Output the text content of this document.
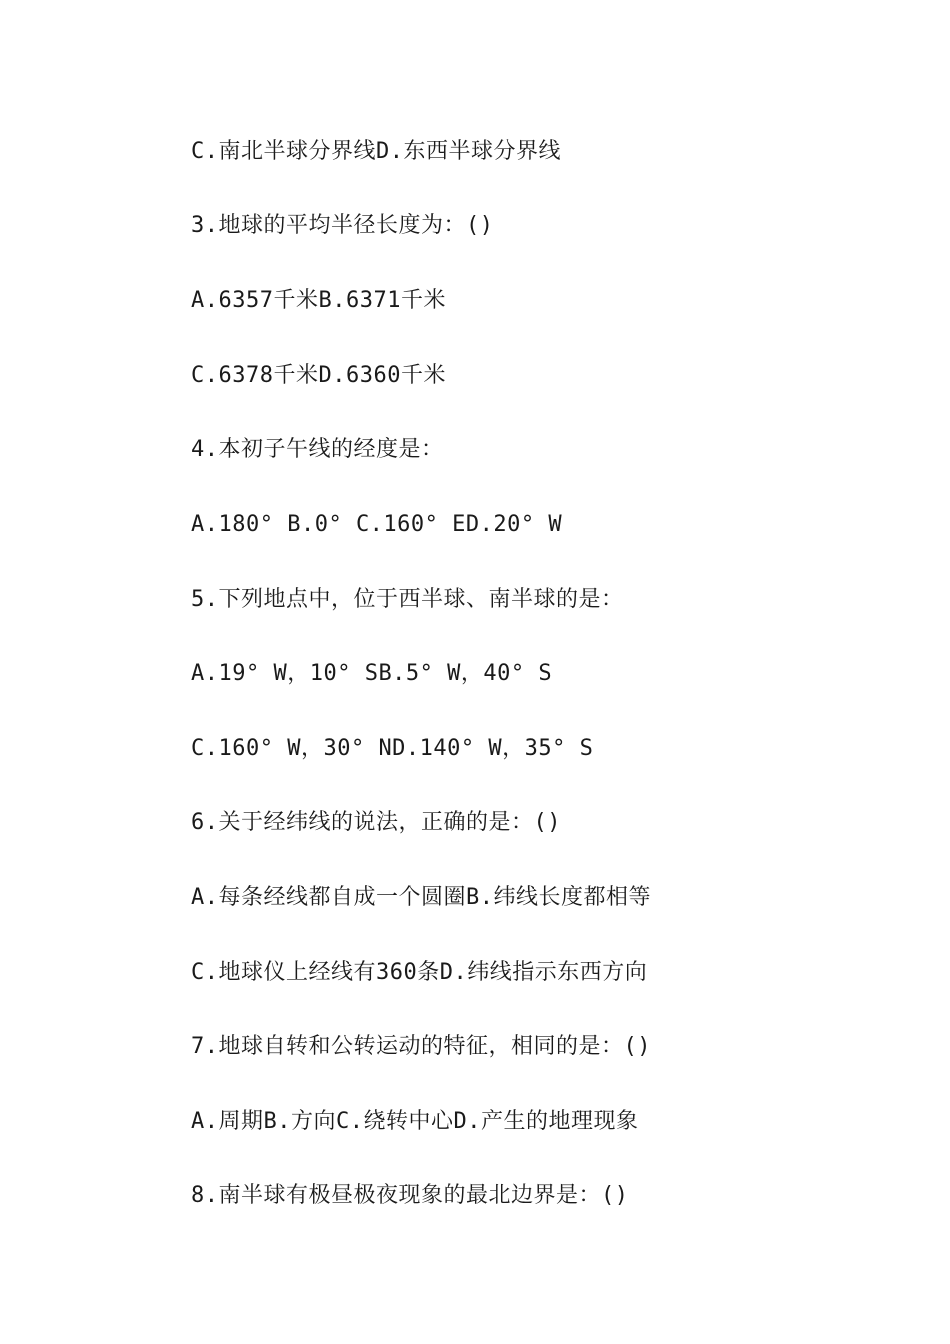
C.南北半球分界线D.东西半球分界线

3.地球的平均半径长度为：()

A.6357千米B.6371千米

C.6378千米D.6360千米

4.本初子午线的经度是：

A.180° B.0° C.160° ED.20° W

5.下列地点中，位于西半球、南半球的是：

A.19° W，10° SB.5° W，40° S

C.160° W，30° ND.140° W，35° S

6.关于经纬线的说法，正确的是：()

A.每条经线都自成一个圆圈B.纬线长度都相等

C.地球仪上经线有360条D.纬线指示东西方向

7.地球自转和公转运动的特征，相同的是：()

A.周期B.方向C.绕转中心D.产生的地理现象

8.南半球有极昼极夜现象的最北边界是：()
